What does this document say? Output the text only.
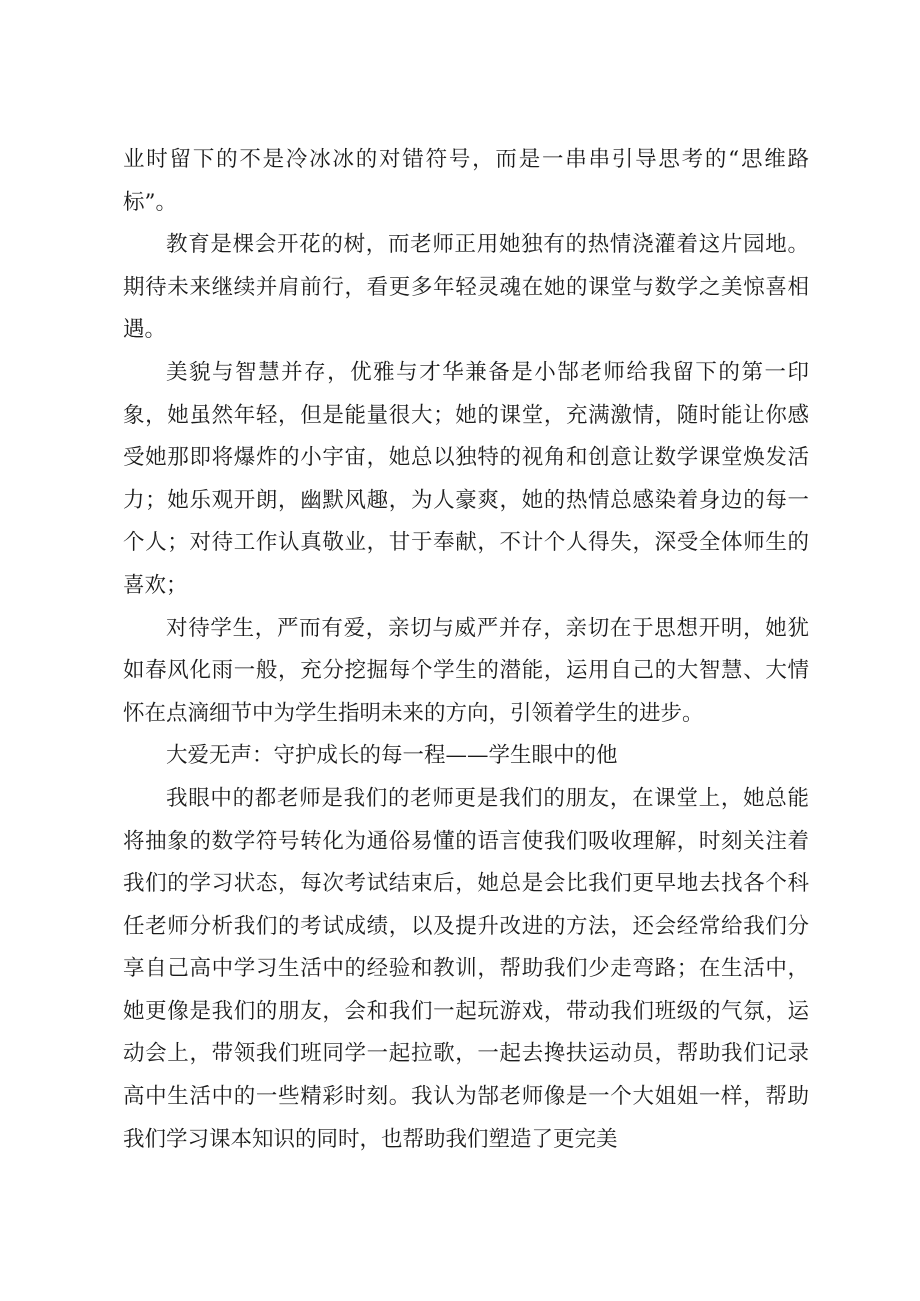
业时留下的不是冷冰冰的对错符号，而是一串串引导思考的“思维路标”。

教育是棵会开花的树，而老师正用她独有的热情浇灌着这片园地。期待未来继续并肩前行，看更多年轻灵魂在她的课堂与数学之美惊喜相遇。

美貌与智慧并存，优雅与才华兼备是小郜老师给我留下的第一印象，她虽然年轻，但是能量很大；她的课堂，充满激情，随时能让你感受她那即将爆炸的小宇宙，她总以独特的视角和创意让数学课堂焕发活力；她乐观开朗，幽默风趣，为人豪爽，她的热情总感染着身边的每一个人；对待工作认真敬业，甘于奉献，不计个人得失，深受全体师生的喜欢；

对待学生，严而有爱，亲切与威严并存，亲切在于思想开明，她犹如春风化雨一般，充分挖掘每个学生的潜能，运用自己的大智慧、大情怀在点滴细节中为学生指明未来的方向，引领着学生的进步。

大爱无声：守护成长的每一程——学生眼中的他

我眼中的都老师是我们的老师更是我们的朋友，在课堂上，她总能将抽象的数学符号转化为通俗易懂的语言使我们吸收理解，时刻关注着我们的学习状态，每次考试结束后，她总是会比我们更早地去找各个科任老师分析我们的考试成绩，以及提升改进的方法，还会经常给我们分享自己高中学习生活中的经验和教训，帮助我们少走弯路；在生活中，她更像是我们的朋友，会和我们一起玩游戏，带动我们班级的气氛，运动会上，带领我们班同学一起拉歌，一起去搀扶运动员，帮助我们记录高中生活中的一些精彩时刻。我认为郜老师像是一个大姐姐一样，帮助我们学习课本知识的同时，也帮助我们塑造了更完美
